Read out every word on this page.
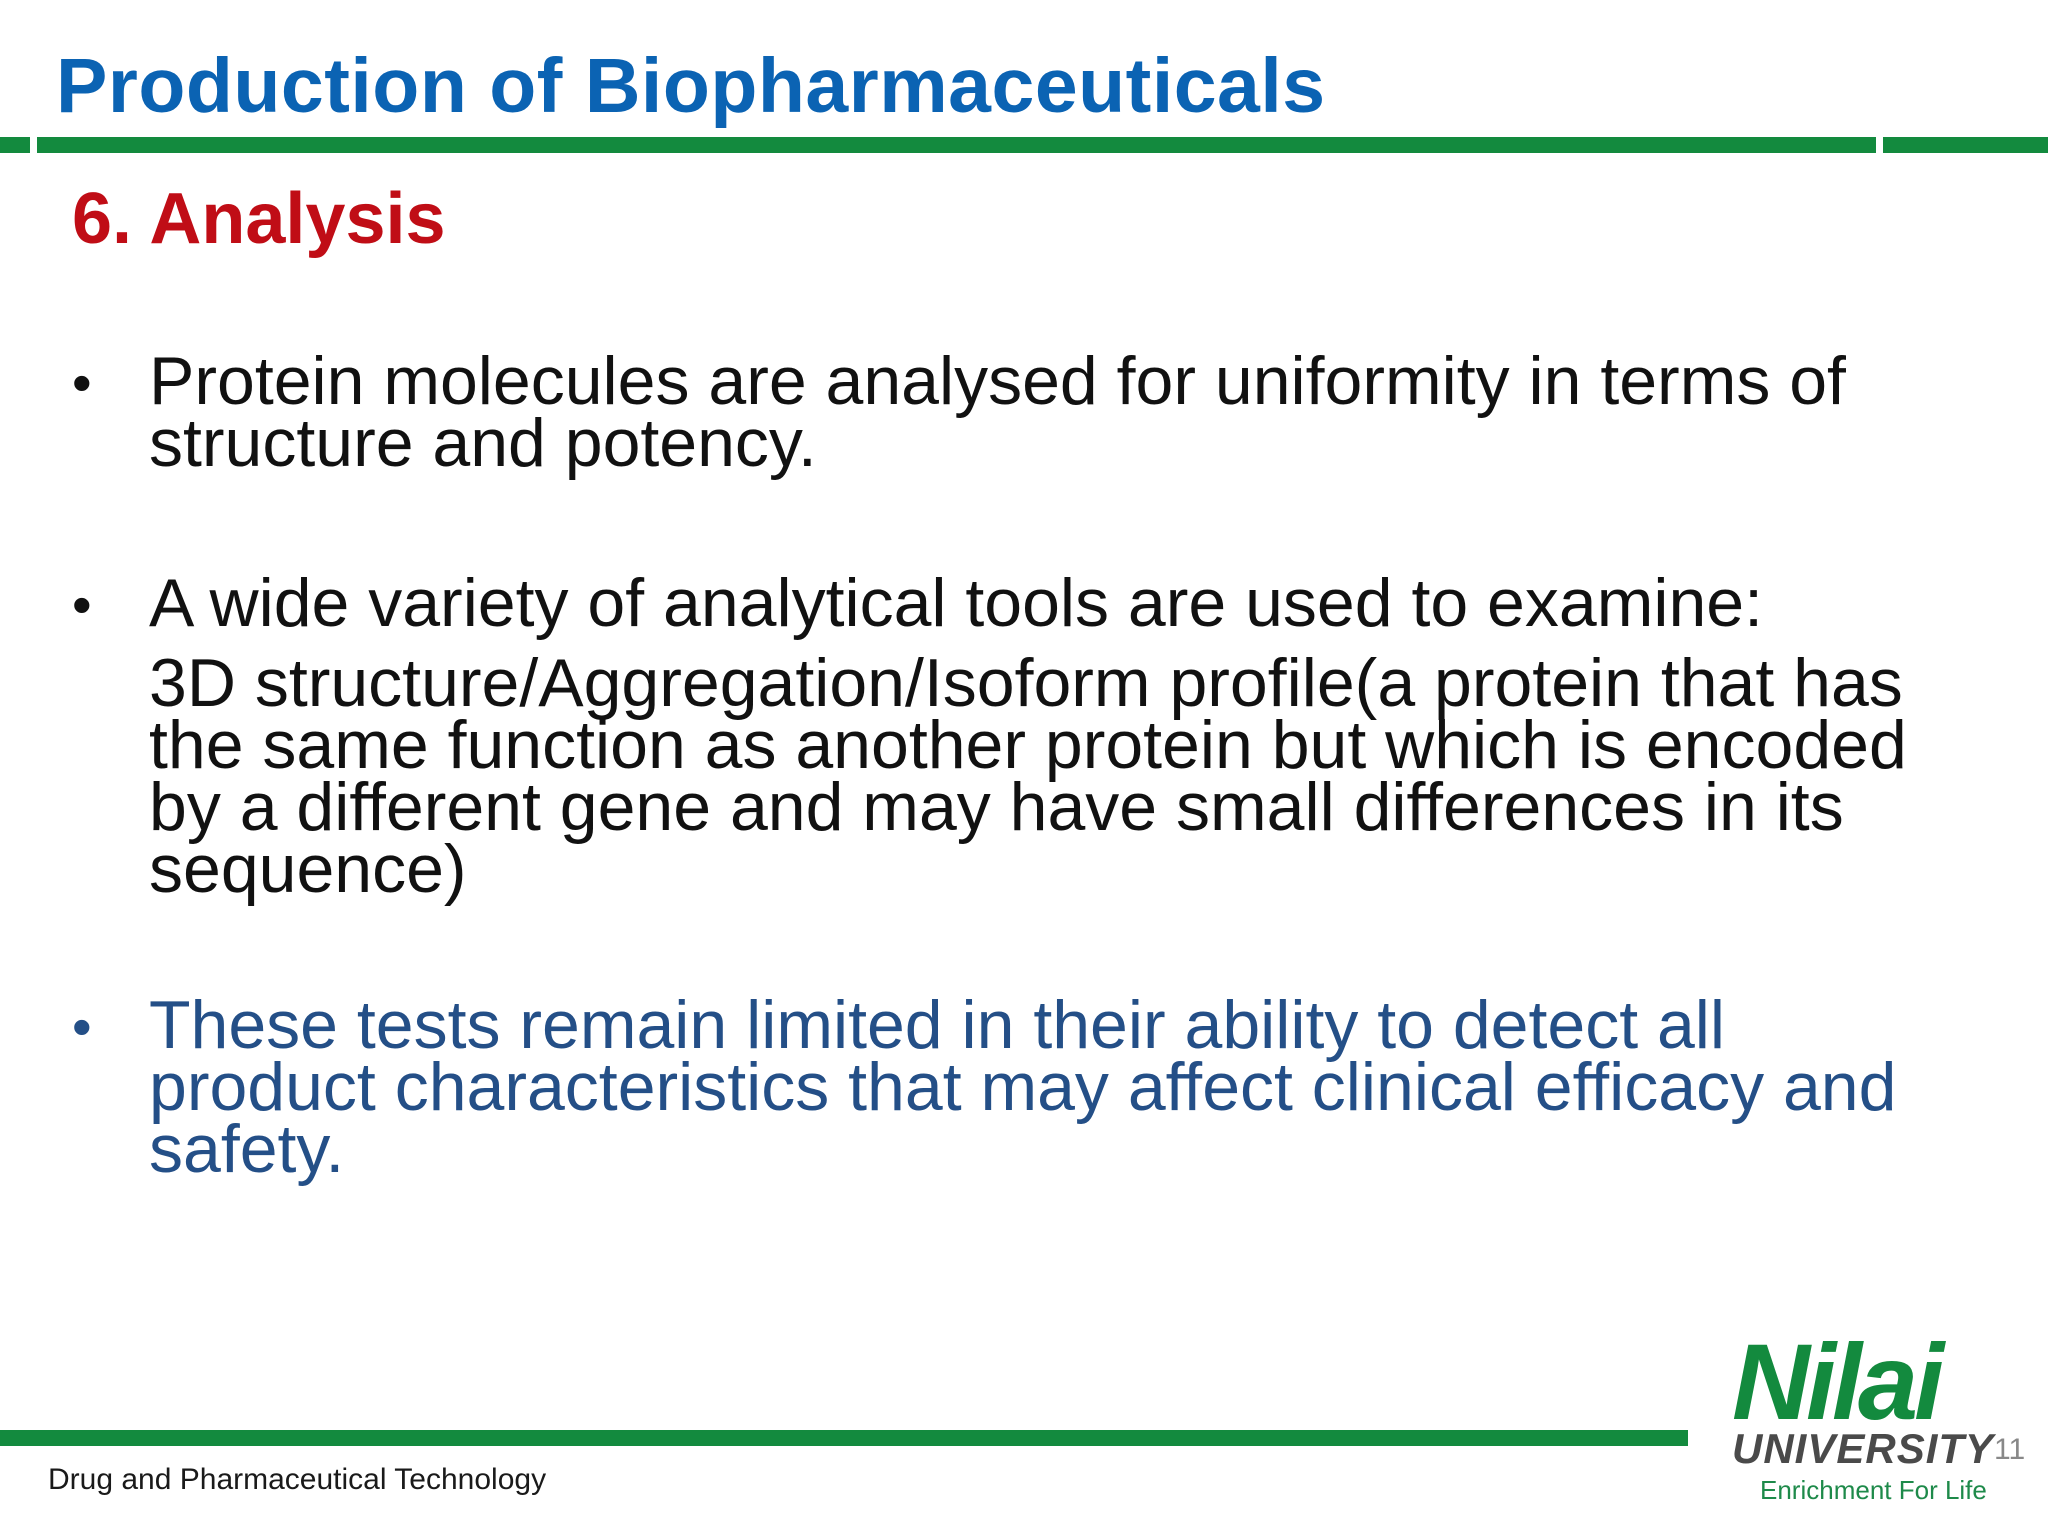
Production of Biopharmaceuticals
6. Analysis
• Protein molecules are analysed for uniformity in terms of structure and potency.
• A wide variety of analytical tools are used to examine:
3D structure/Aggregation/Isoform profile(a protein that has the same function as another protein but which is encoded by a different gene and may have small differences in its sequence)
• These tests remain limited in their ability to detect all product characteristics that may affect clinical efficacy and safety.
Drug and Pharmaceutical Technology
Nilai
UNIVERSITY
Enrichment For Life
11
